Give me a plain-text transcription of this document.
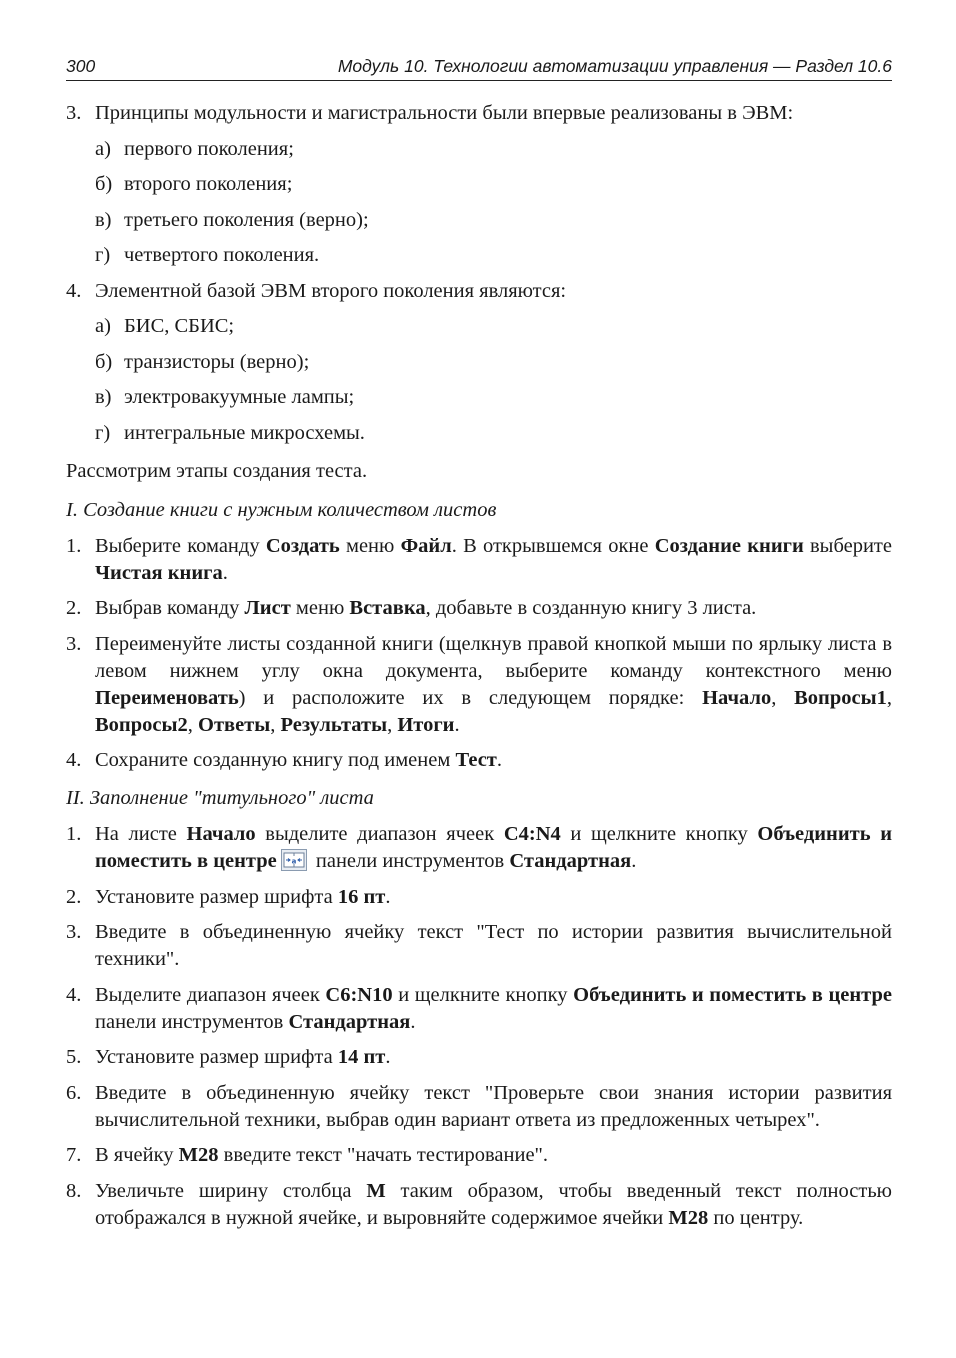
300	Модуль 10. Технологии автоматизации управления — Раздел 10.6
3. Принципы модульности и магистральности были впервые реализованы в ЭВМ:
а) первого поколения;
б) второго поколения;
в) третьего поколения (верно);
г) четвертого поколения.
4. Элементной базой ЭВМ второго поколения являются:
а) БИС, СБИС;
б) транзисторы (верно);
в) электровакуумные лампы;
г) интегральные микросхемы.
Рассмотрим этапы создания теста.
I. Создание книги с нужным количеством листов
1. Выберите команду Создать меню Файл. В открывшемся окне Создание книги выберите Чистая книга.
2. Выбрав команду Лист меню Вставка, добавьте в созданную книгу 3 листа.
3. Переименуйте листы созданной книги (щелкнув правой кнопкой мыши по ярлыку листа в левом нижнем углу окна документа, выберите команду контекстного меню Переименовать) и расположите их в следующем порядке: Начало, Вопросы1, Вопросы2, Ответы, Результаты, Итоги.
4. Сохраните созданную книгу под именем Тест.
II. Заполнение "титульного" листа
1. На листе Начало выделите диапазон ячеек C4:N4 и щелкните кнопку Объединить и поместить в центре a панели инструментов Стандартная.
2. Установите размер шрифта 16 пт.
3. Введите в объединенную ячейку текст "Тест по истории развития вычислительной техники".
4. Выделите диапазон ячеек C6:N10 и щелкните кнопку Объединить и поместить в центре панели инструментов Стандартная.
5. Установите размер шрифта 14 пт.
6. Введите в объединенную ячейку текст "Проверьте свои знания истории развития вычислительной техники, выбрав один вариант ответа из предложенных четырех".
7. В ячейку M28 введите текст "начать тестирование".
8. Увеличьте ширину столбца M таким образом, чтобы введенный текст полностью отображался в нужной ячейке, и выровняйте содержимое ячейки M28 по центру.
